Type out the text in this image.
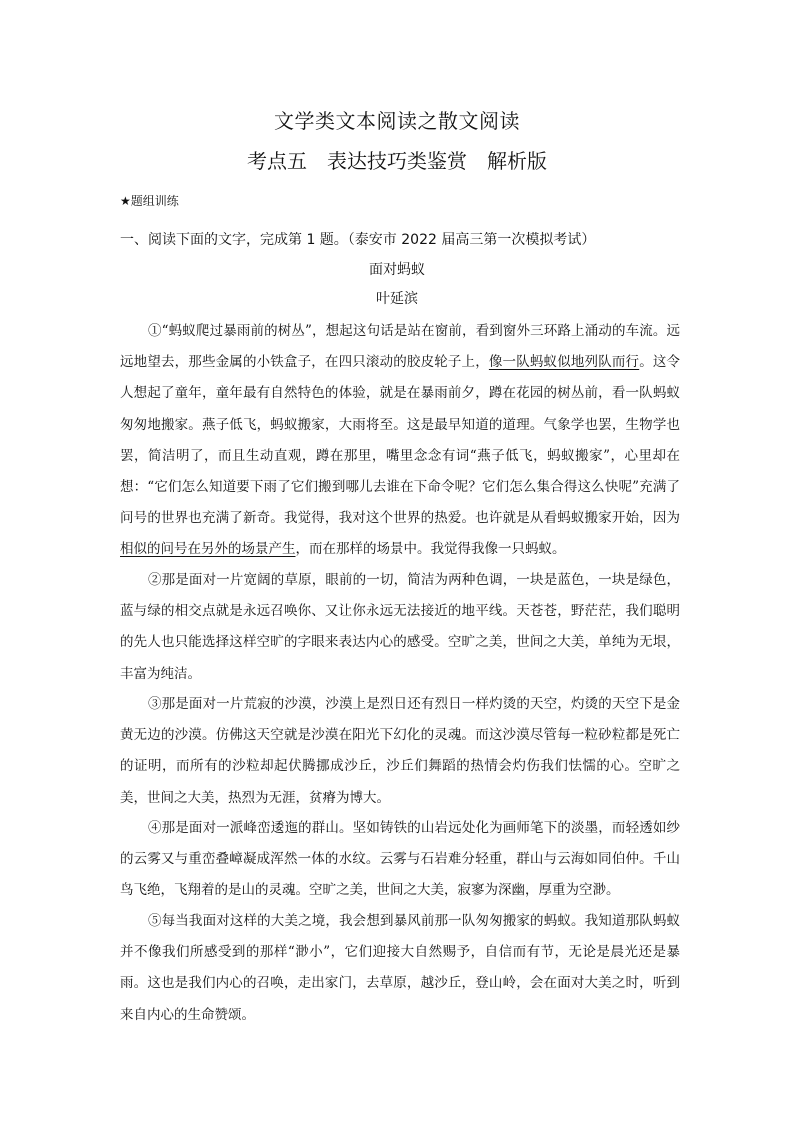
文学类文本阅读之散文阅读
考点五 表达技巧类鉴赏 解析版
★题组训练
一、阅读下面的文字，完成第 1 题。（泰安市 2022 届高三第一次模拟考试）
面对蚂蚁
叶延滨

①“蚂蚁爬过暴雨前的树丛”，想起这句话是站在窗前，看到窗外三环路上涌动的车流。远远地望去，那些金属的小铁盒子，在四只滚动的胶皮轮子上，像一队蚂蚁似地列队而行。这令人想起了童年，童年最有自然特色的体验，就是在暴雨前夕，蹲在花园的树丛前，看一队蚂蚁匆匆地搬家。燕子低飞，蚂蚁搬家，大雨将至。这是最早知道的道理。气象学也罢，生物学也罢，简洁明了，而且生动直观，蹲在那里，嘴里念念有词“燕子低飞，蚂蚁搬家”，心里却在想：“它们怎么知道要下雨了它们搬到哪儿去谁在下命令呢？它们怎么集合得这么快呢”充满了问号的世界也充满了新奇。我觉得，我对这个世界的热爱。也许就是从看蚂蚁搬家开始，因为相似的问号在另外的场景产生，而在那样的场景中。我觉得我像一只蚂蚁。

②那是面对一片宽阔的草原，眼前的一切，简洁为两种色调，一块是蓝色，一块是绿色，蓝与绿的相交点就是永远召唤你、又让你永远无法接近的地平线。天苍苍，野茫茫，我们聪明的先人也只能选择这样空旷的字眼来表达内心的感受。空旷之美，世间之大美，单纯为无垠，丰富为纯洁。

③那是面对一片荒寂的沙漠，沙漠上是烈日还有烈日一样灼烫的天空，灼烫的天空下是金黄无边的沙漠。仿佛这天空就是沙漠在阳光下幻化的灵魂。而这沙漠尽管每一粒砂粒都是死亡的证明，而所有的沙粒却起伏腾挪成沙丘，沙丘们舞蹈的热情会灼伤我们怯懦的心。空旷之美，世间之大美，热烈为无涯，贫瘠为博大。

④那是面对一派峰峦逶迤的群山。坚如铸铁的山岩远处化为画师笔下的淡墨，而轻透如纱的云雾又与重峦叠嶂凝成浑然一体的水纹。云雾与石岩难分轻重，群山与云海如同伯仲。千山鸟飞绝，飞翔着的是山的灵魂。空旷之美，世间之大美，寂寥为深幽，厚重为空渺。

⑤每当我面对这样的大美之境，我会想到暴风前那一队匆匆搬家的蚂蚁。我知道那队蚂蚁并不像我们所感受到的那样“渺小”，它们迎接大自然赐予，自信而有节，无论是晨光还是暴雨。这也是我们内心的召唤，走出家门，去草原，越沙丘，登山岭，会在面对大美之时，听到来自内心的生命赞颂。
